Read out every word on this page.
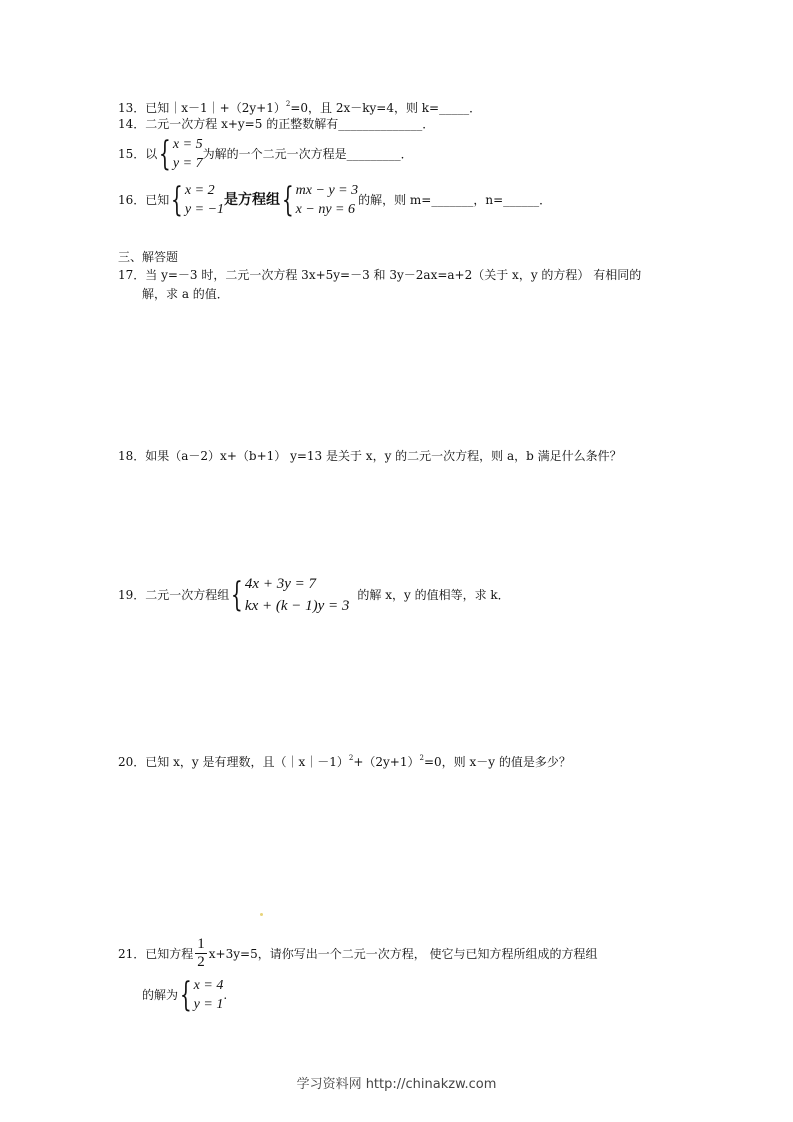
13．已知$|x-1|+(2y+1)^2=0$，且 2x－ky=4，则 k=_____．
14．二元一次方程 x+y=5 的正整数解有______________．
15．以 { x = 5
y = 7
为解的一个二元一次方程是_________．
16．已知 { x = 2
y = −1
是方程组 { mx − y = 3
x − ny = 6
的解，则 m=_______，n=______．
三、解答题
17．当 y=－3 时，二元一次方程 3x+5y=－3 和 3y－2ax=a+2（关于 x，y 的方程） 有相同的
解，求 a 的值．
18．如果（a－2）x+（b+1） y=13 是关于 x，y 的二元一次方程，则 a，b 满足什么条件？
19．二元一次方程组 { 4x + 3y = 7
kx + (k − 1)y = 3
的解 x，y 的值相等，求 k．
20．已知 x，y 是有理数，且$(|x|-1)^2+(2y+1)^2=0$，则 x－y 的值是多少？
21．已知方程 $\frac{1}{2} x+3y=5$，请你写出一个二元一次方程， 使它与已知方程所组成的方程组
的解为 { x = 4
y = 1
.
学习资料网 http://chinakzw.com
